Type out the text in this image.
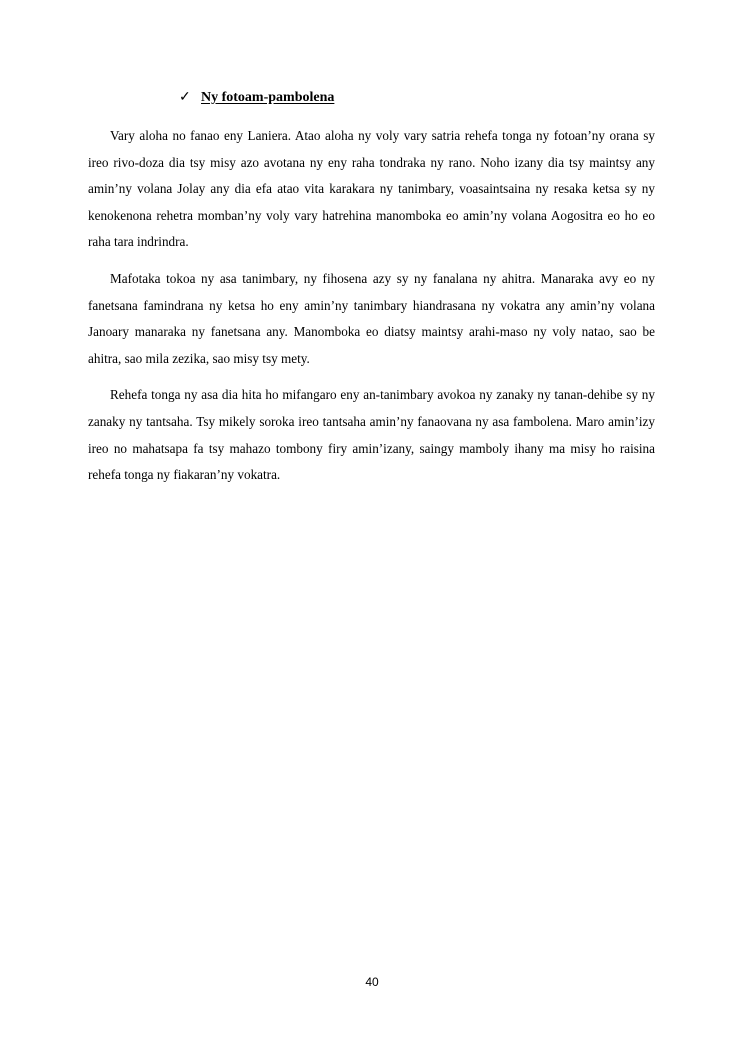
✓ Ny fotoam-pambolena

Vary aloha no fanao eny Laniera. Atao aloha ny voly vary satria rehefa tonga ny fotoan’ny orana sy ireo rivo-doza dia tsy misy azo avotana ny eny raha tondraka ny rano. Noho izany dia tsy maintsy any amin’ny volana Jolay any dia efa atao vita karakara ny tanimbary, voasaintsaina ny resaka ketsa sy ny kenokenona rehetra momban’ny voly vary hatrehina manomboka eo amin’ny volana Aogositra eo ho eo raha tara indrindra.

Mafotaka tokoa ny asa tanimbary, ny fihosena azy sy ny fanalana ny ahitra. Manaraka avy eo ny fanetsana famindrana ny ketsa ho eny amin’ny tanimbary hiandrasana ny vokatra any amin’ny volana Janoary manaraka ny fanetsana any. Manomboka eo diatsy maintsy arahi-maso ny voly natao, sao be ahitra, sao mila zezika, sao misy tsy mety.

Rehefa tonga ny asa dia hita ho mifangaro eny an-tanimbary avokoa ny zanaky ny tanan-dehibe sy ny zanaky ny tantsaha. Tsy mikely soroka ireo tantsaha amin’ny fanaovana ny asa fambolena. Maro amin’izy ireo no mahatsapa fa tsy mahazo tombony firy amin’izany, saingy mamboly ihany ma misy ho raisina rehefa tonga ny fiakaran’ny vokatra.

40
